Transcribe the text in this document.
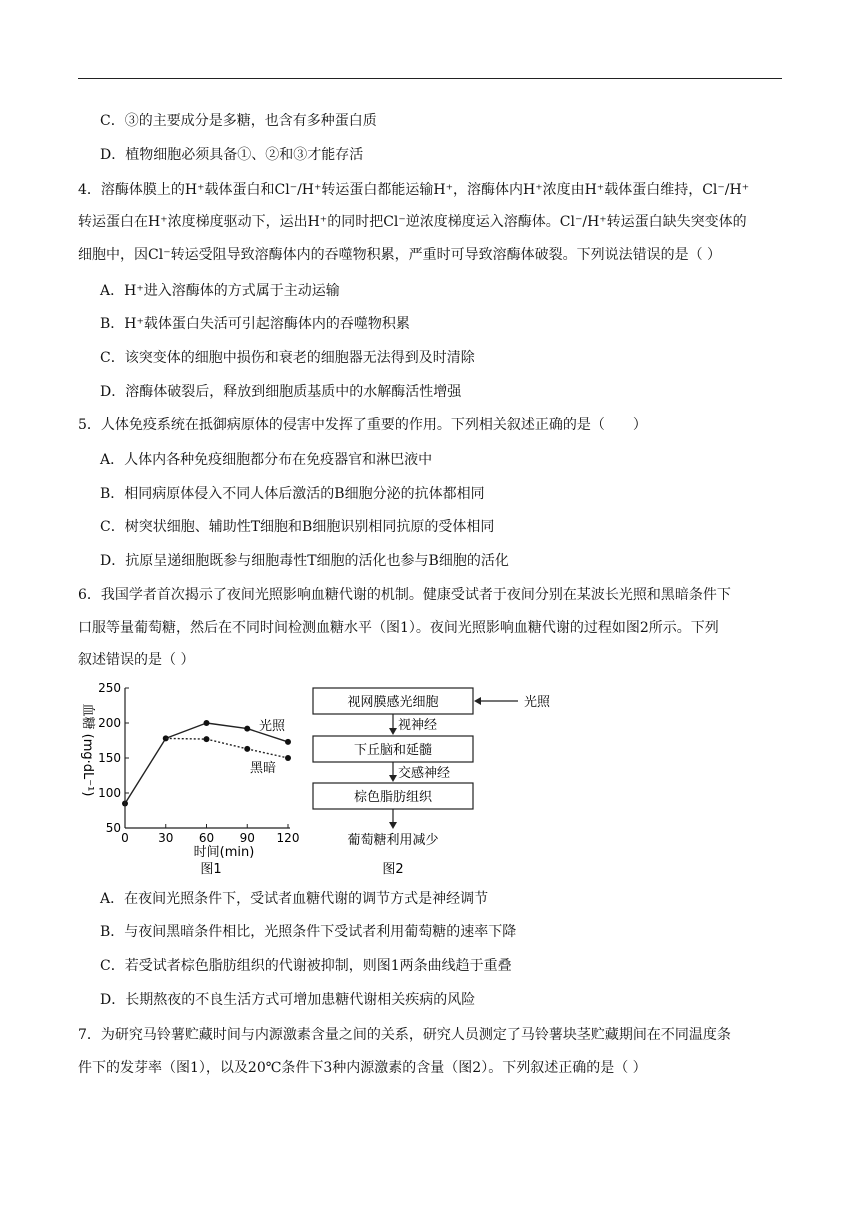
C．③的主要成分是多糖，也含有多种蛋白质
D．植物细胞必须具备①、②和③才能存活
4．溶酶体膜上的H⁺载体蛋白和Cl⁻/H⁺转运蛋白都能运输H⁺，溶酶体内H⁺浓度由H⁺载体蛋白维持，Cl⁻/H⁺
转运蛋白在H⁺浓度梯度驱动下，运出H⁺的同时把Cl⁻逆浓度梯度运入溶酶体。Cl⁻/H⁺转运蛋白缺失突变体的
细胞中，因Cl⁻转运受阻导致溶酶体内的吞噬物积累，严重时可导致溶酶体破裂。下列说法错误的是（ ）
A．H⁺进入溶酶体的方式属于主动运输
B．H⁺载体蛋白失活可引起溶酶体内的吞噬物积累
C．该突变体的细胞中损伤和衰老的细胞器无法得到及时清除
D．溶酶体破裂后，释放到细胞质基质中的水解酶活性增强
5．人体免疫系统在抵御病原体的侵害中发挥了重要的作用。下列相关叙述正确的是（　　）
A．人体内各种免疫细胞都分布在免疫器官和淋巴液中
B．相同病原体侵入不同人体后激活的B细胞分泌的抗体都相同
C．树突状细胞、辅助性T细胞和B细胞识别相同抗原的受体相同
D．抗原呈递细胞既参与细胞毒性T细胞的活化也参与B细胞的活化
6．我国学者首次揭示了夜间光照影响血糖代谢的机制。健康受试者于夜间分别在某波长光照和黑暗条件下
口服等量葡萄糖，然后在不同时间检测血糖水平（图1）。夜间光照影响血糖代谢的过程如图2所示。下列
叙述错误的是（ ）
50
100
150
200
250
0 30 60 90 120
血糖 (mg·dL⁻¹)
时间(min)
图1
光照
黑暗
视网膜感光细胞	光照
视神经
下丘脑和延髓
交感神经
棕色脂肪组织
葡萄糖利用减少
图2
A．在夜间光照条件下，受试者血糖代谢的调节方式是神经调节
B．与夜间黑暗条件相比，光照条件下受试者利用葡萄糖的速率下降
C．若受试者棕色脂肪组织的代谢被抑制，则图1两条曲线趋于重叠
D．长期熬夜的不良生活方式可增加患糖代谢相关疾病的风险
7．为研究马铃薯贮藏时间与内源激素含量之间的关系，研究人员测定了马铃薯块茎贮藏期间在不同温度条
件下的发芽率（图1），以及20℃条件下3种内源激素的含量（图2）。下列叙述正确的是（ ）
